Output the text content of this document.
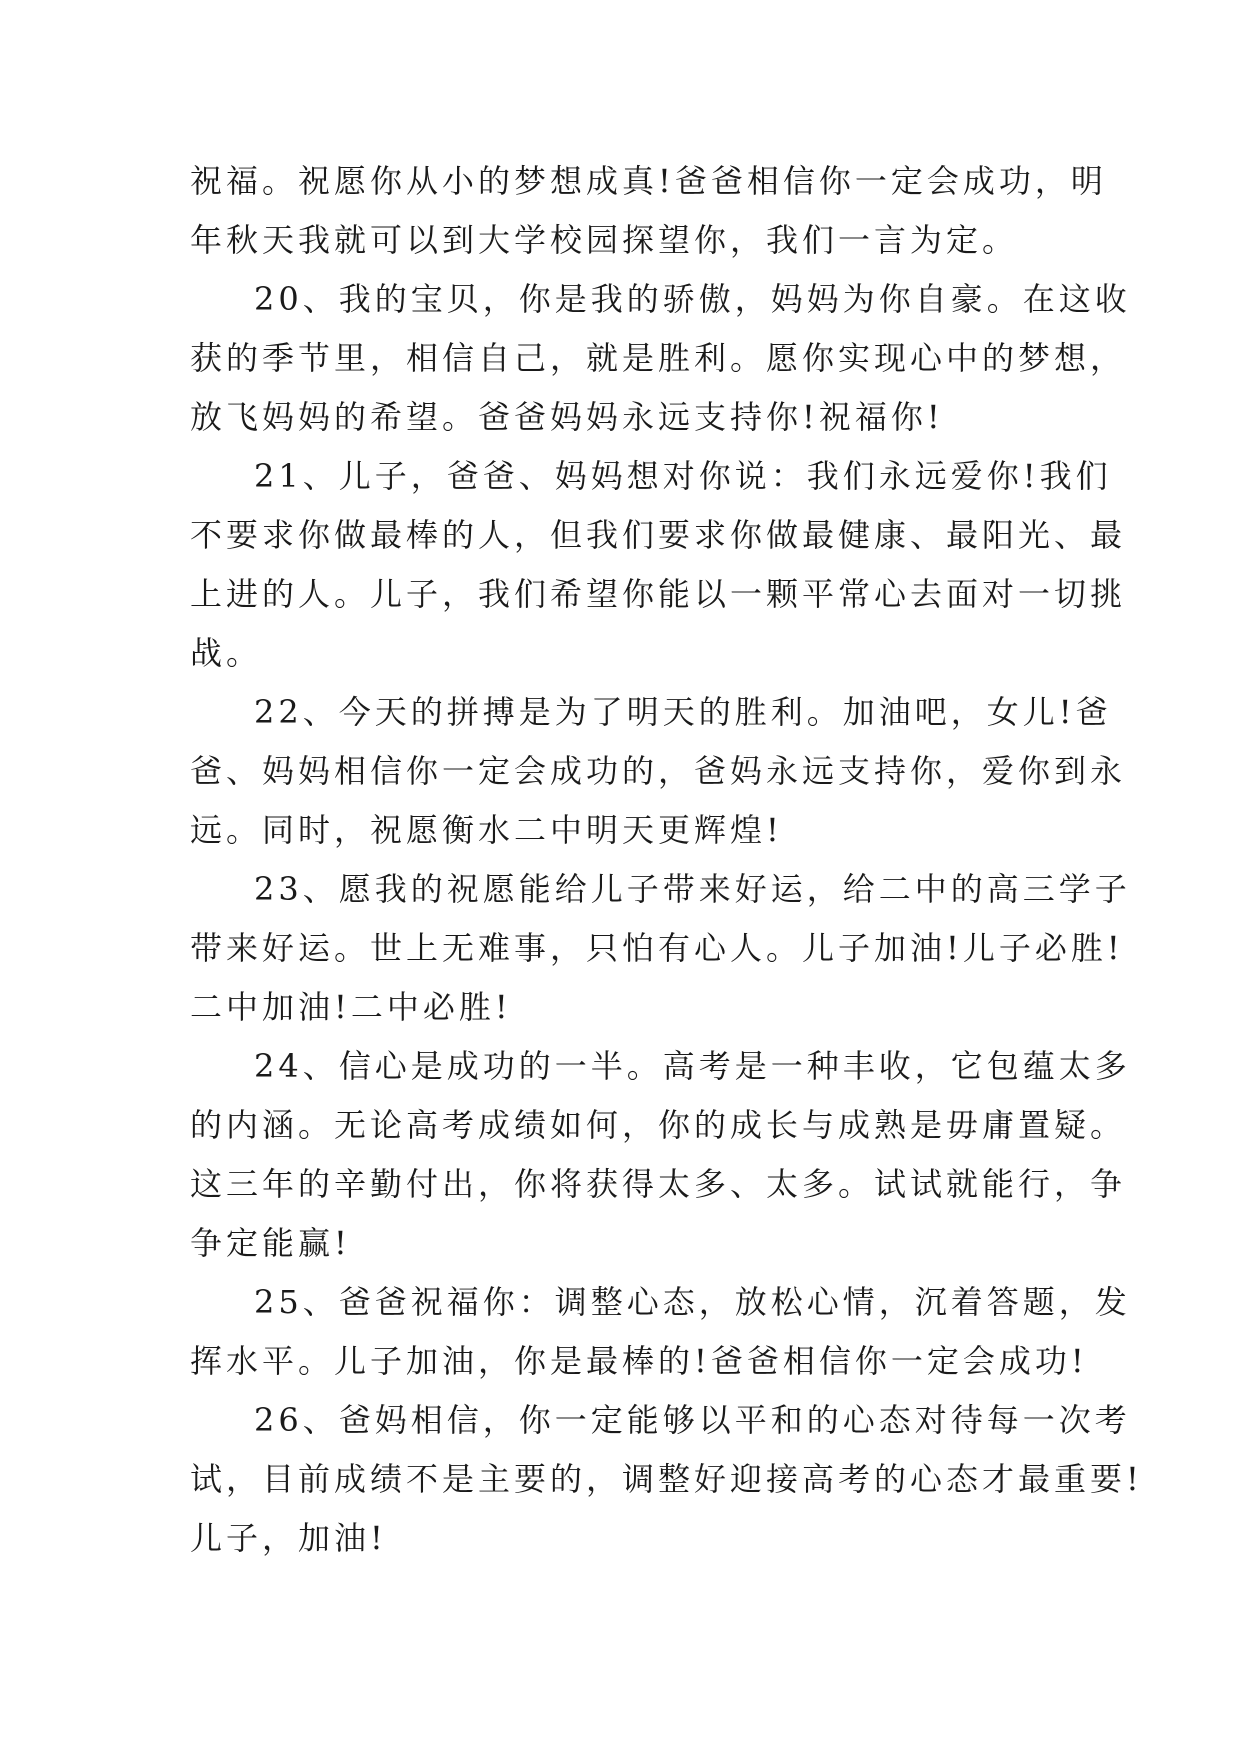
祝福。祝愿你从小的梦想成真!爸爸相信你一定会成功，明
年秋天我就可以到大学校园探望你，我们一言为定。
20、我的宝贝，你是我的骄傲，妈妈为你自豪。在这收
获的季节里，相信自己，就是胜利。愿你实现心中的梦想，
放飞妈妈的希望。爸爸妈妈永远支持你!祝福你!
21、儿子，爸爸、妈妈想对你说：我们永远爱你!我们
不要求你做最棒的人，但我们要求你做最健康、最阳光、最
上进的人。儿子，我们希望你能以一颗平常心去面对一切挑
战。
22、今天的拼搏是为了明天的胜利。加油吧，女儿!爸
爸、妈妈相信你一定会成功的，爸妈永远支持你，爱你到永
远。同时，祝愿衡水二中明天更辉煌!
23、愿我的祝愿能给儿子带来好运，给二中的高三学子
带来好运。世上无难事，只怕有心人。儿子加油!儿子必胜!
二中加油!二中必胜!
24、信心是成功的一半。高考是一种丰收，它包蕴太多
的内涵。无论高考成绩如何，你的成长与成熟是毋庸置疑。
这三年的辛勤付出，你将获得太多、太多。试试就能行，争
争定能赢!
25、爸爸祝福你：调整心态，放松心情，沉着答题，发
挥水平。儿子加油，你是最棒的!爸爸相信你一定会成功!
26、爸妈相信，你一定能够以平和的心态对待每一次考
试，目前成绩不是主要的，调整好迎接高考的心态才最重要!
儿子，加油!
